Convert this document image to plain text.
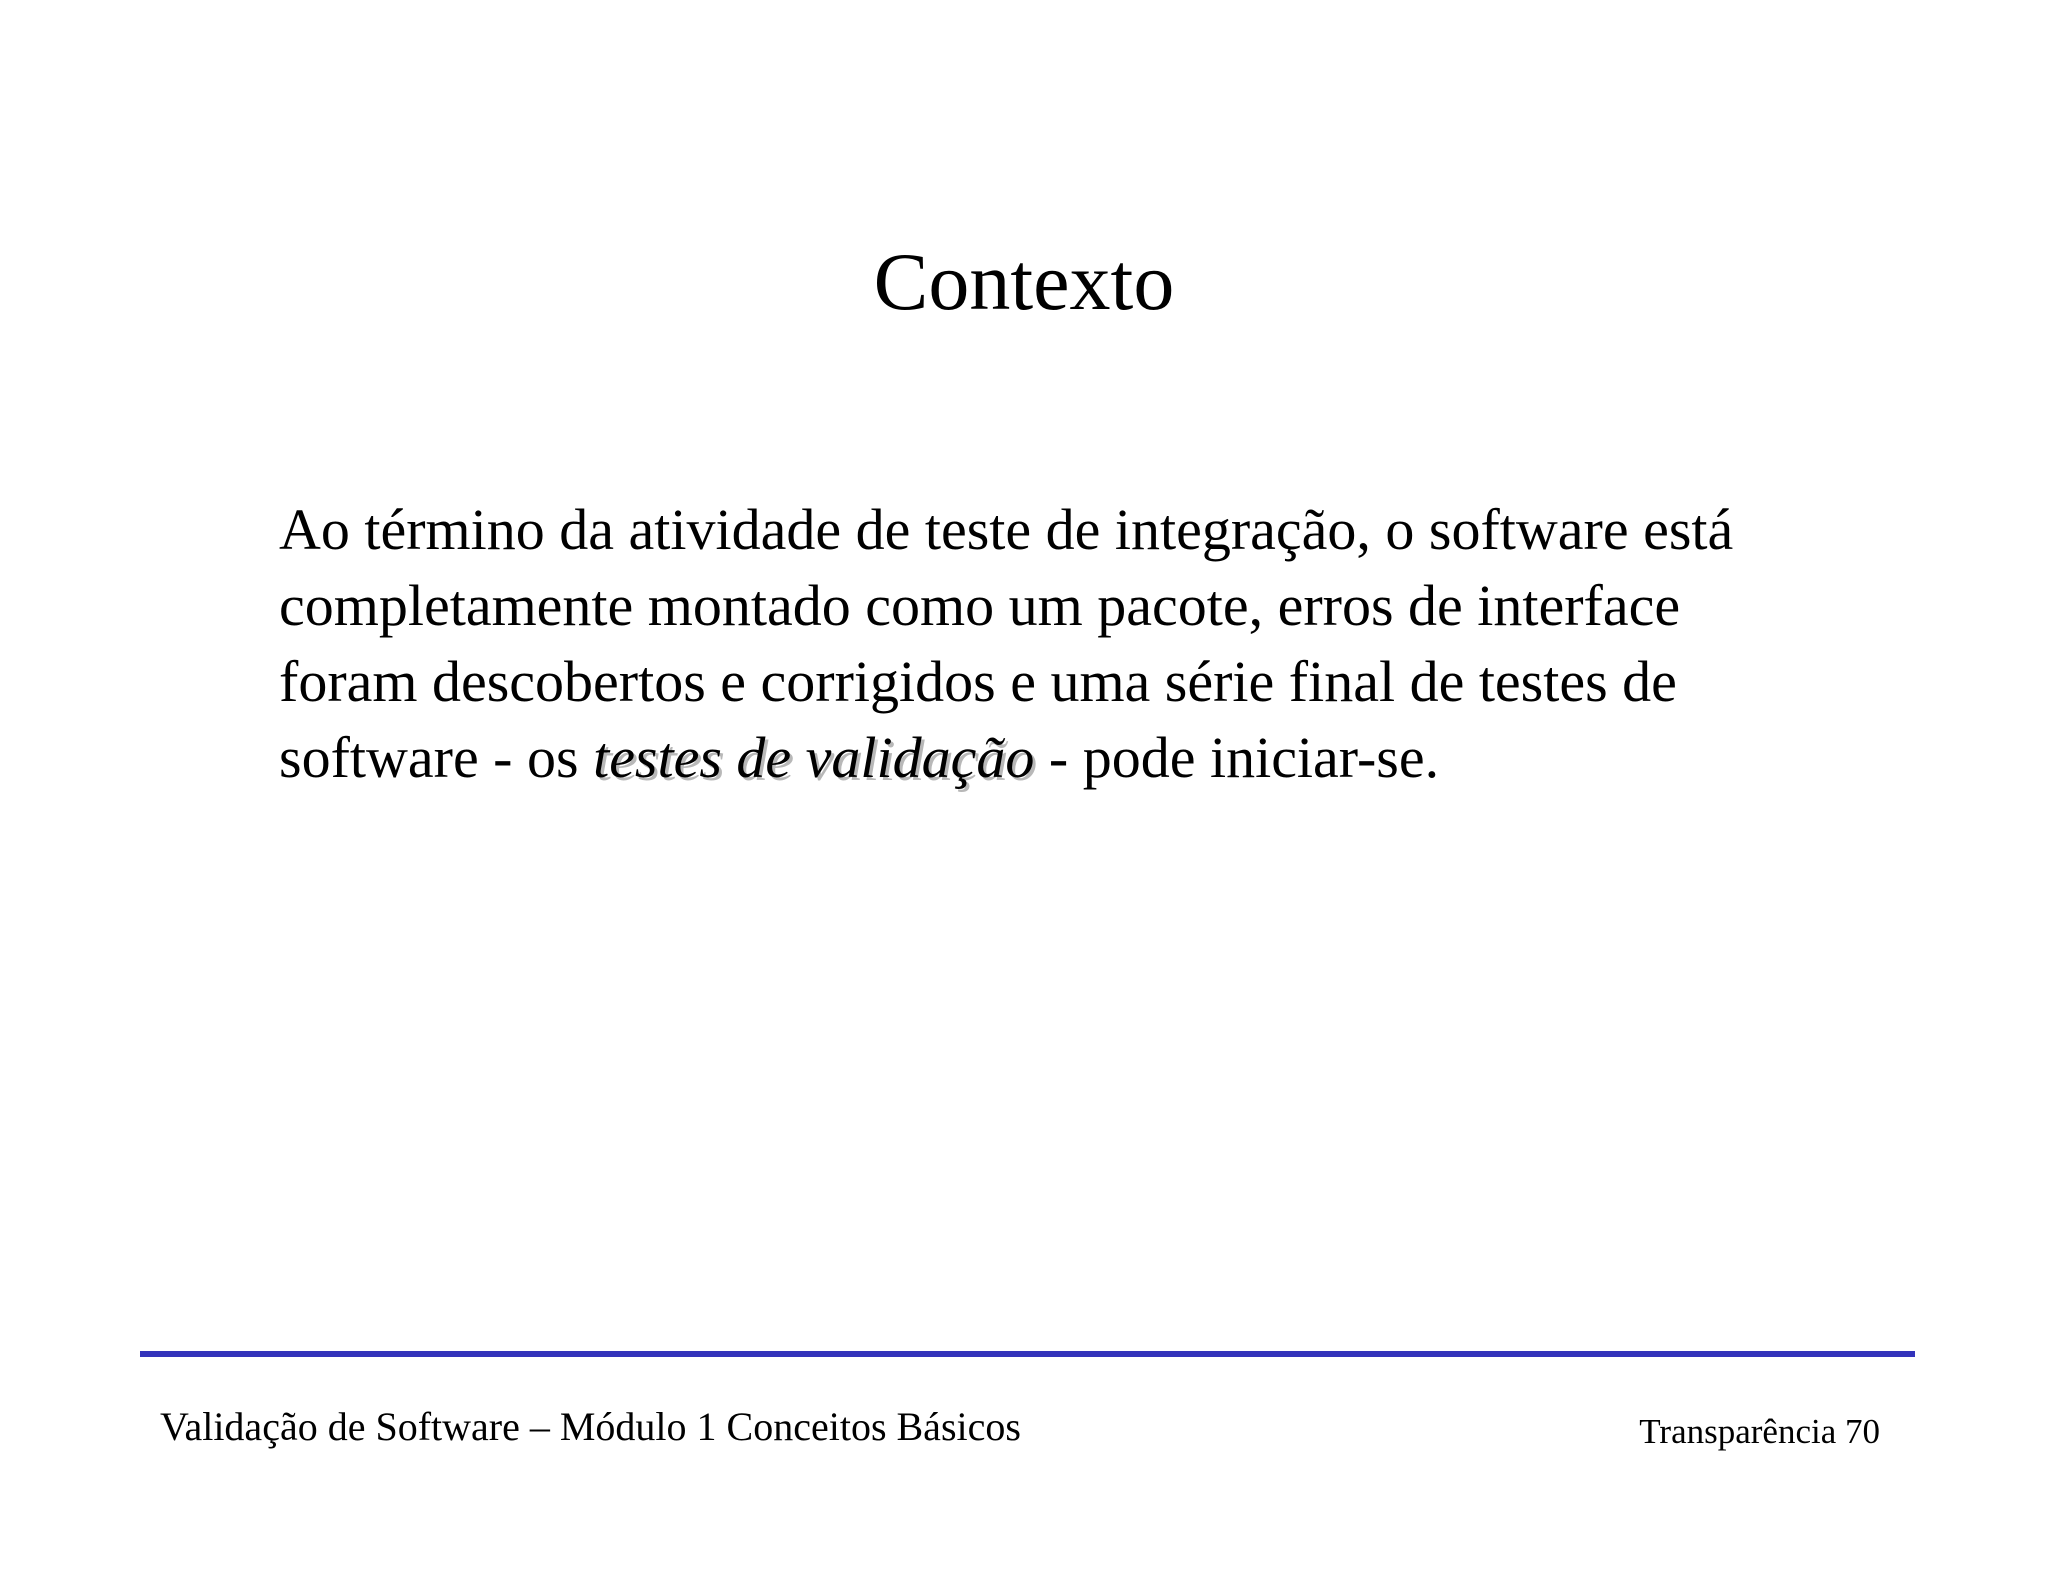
Contexto

Ao término da atividade de teste de integração, o software está completamente montado como um pacote, erros de interface foram descobertos e corrigidos e uma série final de testes de software - os testes de validação - pode iniciar-se.

Validação de Software – Módulo 1 Conceitos Básicos	Transparência 70
